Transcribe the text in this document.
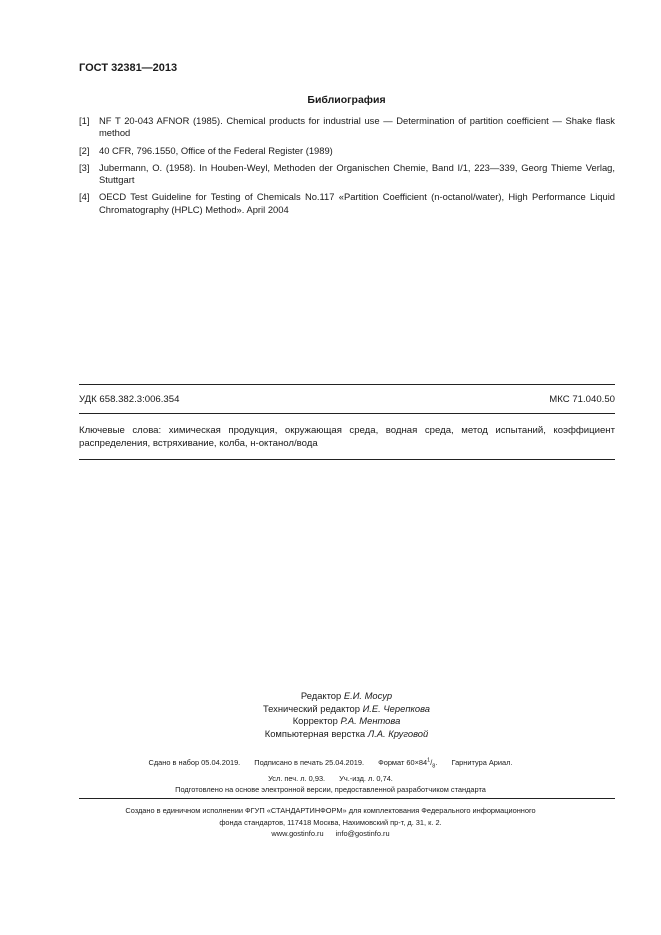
ГОСТ 32381—2013
Библиография
[1]	NF T 20-043 AFNOR (1985). Chemical products for industrial use — Determination of partition coefficient — Shake flask method
[2]	40 CFR, 796.1550, Office of the Federal Register (1989)
[3]	Jubermann, O. (1958). In Houben-Weyl, Methoden der Organischen Chemie, Band I/1, 223—339, Georg Thieme Verlag, Stuttgart
[4]	OECD Test Guideline for Testing of Chemicals No.117 «Partition Coefficient (n-octanol/water), High Performance Liquid Chromatography (HPLC) Method». April 2004
УДК 658.382.3:006.354	МКС 71.040.50
Ключевые слова: химическая продукция, окружающая среда, водная среда, метод испытаний, коэффициент распределения, встряхивание, колба, н-октанол/вода
Редактор Е.И. Мосур
Технический редактор И.Е. Черепкова
Корректор Р.А. Ментова
Компьютерная верстка Л.А. Круговой
Сдано в набор 05.04.2019. Подписано в печать 25.04.2019. Формат $60\times 84^1/_8$. Гарнитура Ариал.
Усл. печ. л. 0,93. Уч.-изд. л. 0,74.
Подготовлено на основе электронной версии, предоставленной разработчиком стандарта
Создано в единичном исполнении ФГУП «СТАНДАРТИНФОРМ» для комплектования Федерального информационного
фонда стандартов, 117418 Москва, Нахимовский пр-т, д. 31, к. 2.
www.gostinfo.ru info@gostinfo.ru
